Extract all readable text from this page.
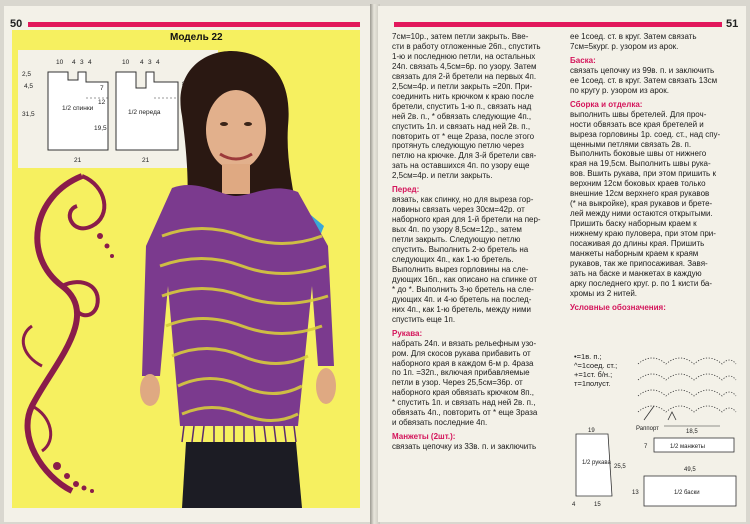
50
Модель 22
10 4 3 4	10 4 3 4
2,5
4,5
31,5
1/2 спинки
1/2 переда
7
12
19,5
21	21
51

7см=10р., затем петли закрыть. Вве-

сти в работу отложенные 26п., спустить

1-ю и последнюю петли, на остальных

24п. связать 4,5см=6р. по узору. Затем

связать для 2-й бретели на первых 4п.

2,5см=4р. и петли закрыть =20п. При-

соединить нить крючком к краю после

бретели, спустить 1-ю п., связать над

ней 2в. п., * обвязать следующие 4п.,

спустить 1п. и связать над ней 2в. п.,

повторить от * еще 2раза, после этого

протянуть следующую петлю через

петлю на крючке. Для 3-й бретели свя-

зать на оставшихся 4п. по узору еще

2,5см=4р. и петли закрыть.

Перед:

вязать, как спинку, но для выреза гор-

ловины связать через 30см=42р. от

наборного края для 1-й бретели на пер-

вых 4п. по узору 8,5см=12р., затем

петли закрыть. Следующую петлю

спустить. Выполнить 2-ю бретель на

следующих 4п., как 1-ю бретель.

Выполнить вырез горловины на сле-

дующих 16п., как описано на спинке от

* до *. Выполнить 3-ю бретель на сле-

дующих 4п. и 4-ю бретель на послед-

них 4п., как 1-ю бретель, между ними

спустить еще 1п.

Рукава:

набрать 24п. и вязать рельефным узо-

ром. Для скосов рукава прибавить от

наборного края в каждом 6-м р. 4раза

по 1п. =32п., включая прибавляемые

петли в узор. Через 25,5см=36р. от

наборного края обвязать крючком 8п.,

* спустить 1п. и связать над ней 2в. п.,

обвязать 4п., повторить от * еще 3раза

и обвязать последние 4п.

Манжеты (2шт.):

связать цепочку из 33в. п. и заключить

ее 1соед. ст. в круг. Затем связать

7см=5кург. р. узором из арок.

Баска:

связать цепочку из 99в. п. и заключить

ее 1соед. ст. в круг. Затем связать 13см

по кругу р. узором из арок.

Сборка и отделка:

выполнить швы бретелей. Для проч-

ности обвязать все края бретелей и

выреза горловины 1р. соед. ст., над спу-

щенными петлями связать 2в. п.

Выполнить боковые швы от нижнего

края на 19,5см. Выполнить швы рука-

вов. Вшить рукава, при этом пришить к

верхним 12см боковых краев только

внешние 12см верхнего края рукавов

(* на выкройке), края рукавов и брете-

лей между ними остаются открытыми.

Пришить баску наборным краем к

нижнему краю пуловера, при этом при-

посаживая до длины края. Пришить

манжеты наборным краем к краям

рукавов, так же припосаживая. Завя-

зать на баске и манжетах в каждую

арку последнего круг. р. по 1 кисти ба-

хромы из 2 нитей.

Условные обозначения:

•=1в. п.;
^=1соед. ст.;
+=1ст. б/н.;
т=1полуст.
Раппорт
19
1/2 рукава
25,5
4	15
18,5
7	1/2 манжеты
49,5
13	1/2 баски
